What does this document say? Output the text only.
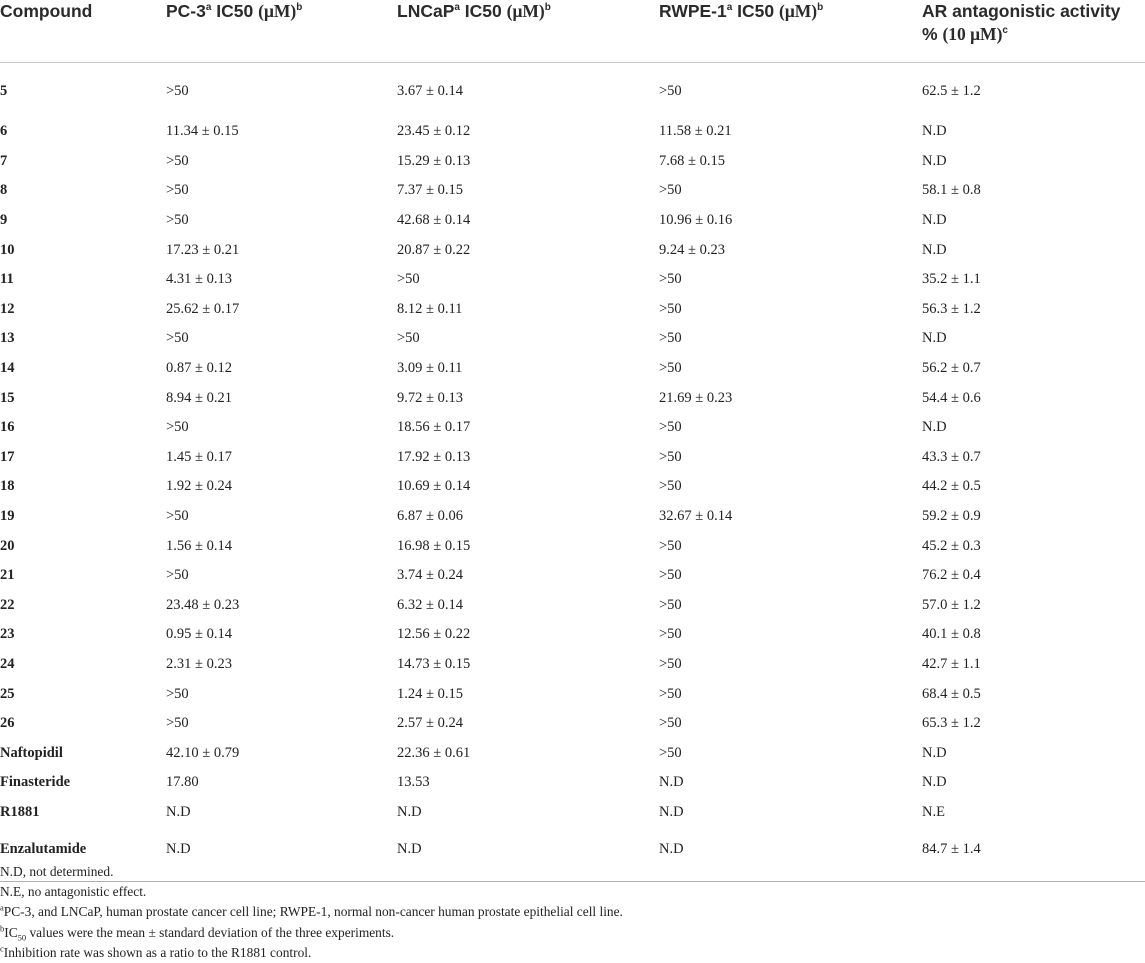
Compound	PC-3$^a$ IC50 $(\mu M)^b$	LNCaP$^a$ IC50 $(\mu M)^b$	RWPE-1$^a$ IC50 $(\mu M)^b$	AR antagonistic activity
% (10 μM)$^c$
5	>50	3.67 ± 0.14	>50	62.5 ± 1.2
6	11.34 ± 0.15	23.45 ± 0.12	11.58 ± 0.21	N.D
7	>50	15.29 ± 0.13	7.68 ± 0.15	N.D
8	>50	7.37 ± 0.15	>50	58.1 ± 0.8
9	>50	42.68 ± 0.14	10.96 ± 0.16	N.D
10	17.23 ± 0.21	20.87 ± 0.22	9.24 ± 0.23	N.D
11	4.31 ± 0.13	>50	>50	35.2 ± 1.1
12	25.62 ± 0.17	8.12 ± 0.11	>50	56.3 ± 1.2
13	>50	>50	>50	N.D
14	0.87 ± 0.12	3.09 ± 0.11	>50	56.2 ± 0.7
15	8.94 ± 0.21	9.72 ± 0.13	21.69 ± 0.23	54.4 ± 0.6
16	>50	18.56 ± 0.17	>50	N.D
17	1.45 ± 0.17	17.92 ± 0.13	>50	43.3 ± 0.7
18	1.92 ± 0.24	10.69 ± 0.14	>50	44.2 ± 0.5
19	>50	6.87 ± 0.06	32.67 ± 0.14	59.2 ± 0.9
20	1.56 ± 0.14	16.98 ± 0.15	>50	45.2 ± 0.3
21	>50	3.74 ± 0.24	>50	76.2 ± 0.4
22	23.48 ± 0.23	6.32 ± 0.14	>50	57.0 ± 1.2
23	0.95 ± 0.14	12.56 ± 0.22	>50	40.1 ± 0.8
24	2.31 ± 0.23	14.73 ± 0.15	>50	42.7 ± 1.1
25	>50	1.24 ± 0.15	>50	68.4 ± 0.5
26	>50	2.57 ± 0.24	>50	65.3 ± 1.2
Naftopidil	42.10 ± 0.79	22.36 ± 0.61	>50	N.D
Finasteride	17.80	13.53	N.D	N.D
R1881	N.D	N.D	N.D	N.E
Enzalutamide	N.D	N.D	N.D	84.7 ± 1.4
N.D, not determined.
N.E, no antagonistic effect.
$^a$PC-3, and LNCaP, human prostate cancer cell line; RWPE-1, normal non-cancer human prostate epithelial cell line.
$^bIC_{50}$ values were the mean ± standard deviation of the three experiments.
$^c$Inhibition rate was shown as a ratio to the R1881 control.
